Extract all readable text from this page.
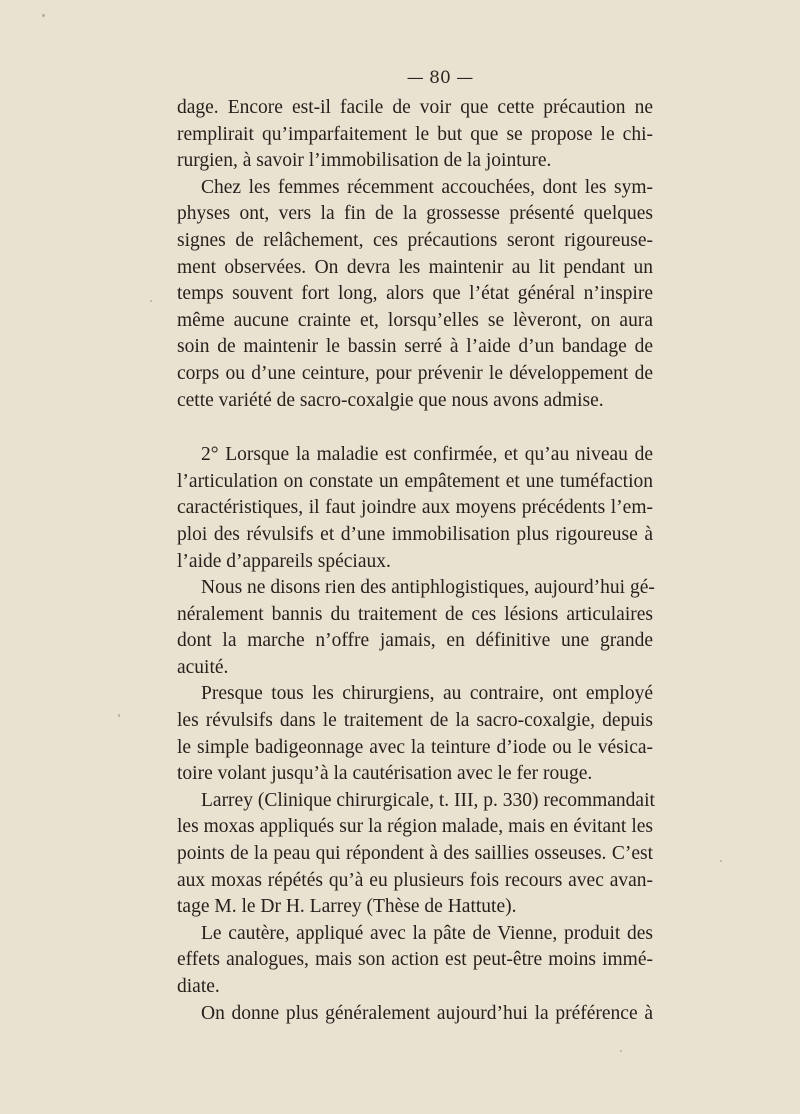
— 80 —
dage. Encore est-il facile de voir que cette précaution ne
remplirait qu’imparfaitement le but que se propose le chi-
rurgien, à savoir l’immobilisation de la jointure.
Chez les femmes récemment accouchées, dont les sym-
physes ont, vers la fin de la grossesse présenté quelques
signes de relâchement, ces précautions seront rigoureuse-
ment observées. On devra les maintenir au lit pendant un
temps souvent fort long, alors que l’état général n’inspire
même aucune crainte et, lorsqu’elles se lèveront, on aura
soin de maintenir le bassin serré à l’aide d’un bandage de
corps ou d’une ceinture, pour prévenir le développement de
cette variété de sacro-coxalgie que nous avons admise.
2° Lorsque la maladie est confirmée, et qu’au niveau de
l’articulation on constate un empâtement et une tuméfaction
caractéristiques, il faut joindre aux moyens précédents l’em-
ploi des révulsifs et d’une immobilisation plus rigoureuse à
l’aide d’appareils spéciaux.
Nous ne disons rien des antiphlogistiques, aujourd’hui gé-
néralement bannis du traitement de ces lésions articulaires
dont la marche n’offre jamais, en définitive une grande
acuité.
Presque tous les chirurgiens, au contraire, ont employé
les révulsifs dans le traitement de la sacro-coxalgie, depuis
le simple badigeonnage avec la teinture d’iode ou le vésica-
toire volant jusqu’à la cautérisation avec le fer rouge.
Larrey (Clinique chirurgicale, t. III, p. 330) recommandait
les moxas appliqués sur la région malade, mais en évitant les
points de la peau qui répondent à des saillies osseuses. C’est
aux moxas répétés qu’à eu plusieurs fois recours avec avan-
tage M. le Dr H. Larrey (Thèse de Hattute).
Le cautère, appliqué avec la pâte de Vienne, produit des
effets analogues, mais son action est peut-être moins immé-
diate.
On donne plus généralement aujourd’hui la préférence à
